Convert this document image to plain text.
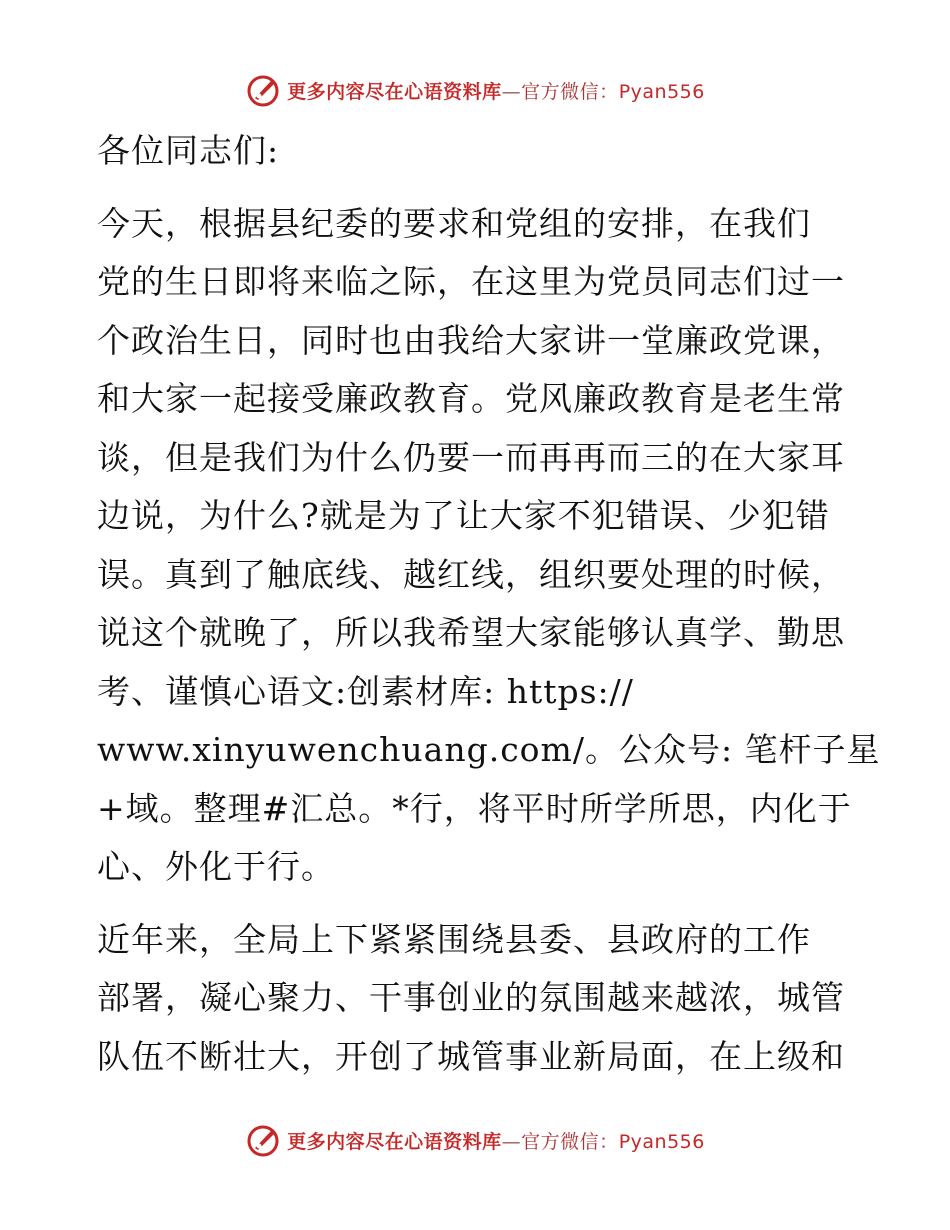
更多内容尽在心语资料库—官方微信：Pyan556

各位同志们:

今天，根据县纪委的要求和党组的安排，在我们

党的生日即将来临之际，在这里为党员同志们过一

个政治生日，同时也由我给大家讲一堂廉政党课，

和大家一起接受廉政教育。党风廉政教育是老生常

谈，但是我们为什么仍要一而再再而三的在大家耳

边说，为什么?就是为了让大家不犯错误、少犯错

误。真到了触底线、越红线，组织要处理的时候，

说这个就晚了，所以我希望大家能够认真学、勤思

考、谨慎心语文:创素材库: https://

www.xinyuwenchuang.com/。公众号: 笔杆子星

+域。整理#汇总。*行，将平时所学所思，内化于

心、外化于行。

近年来，全局上下紧紧围绕县委、县政府的工作

部署，凝心聚力、干事创业的氛围越来越浓，城管

队伍不断壮大，开创了城管事业新局面，在上级和

更多内容尽在心语资料库—官方微信：Pyan556
